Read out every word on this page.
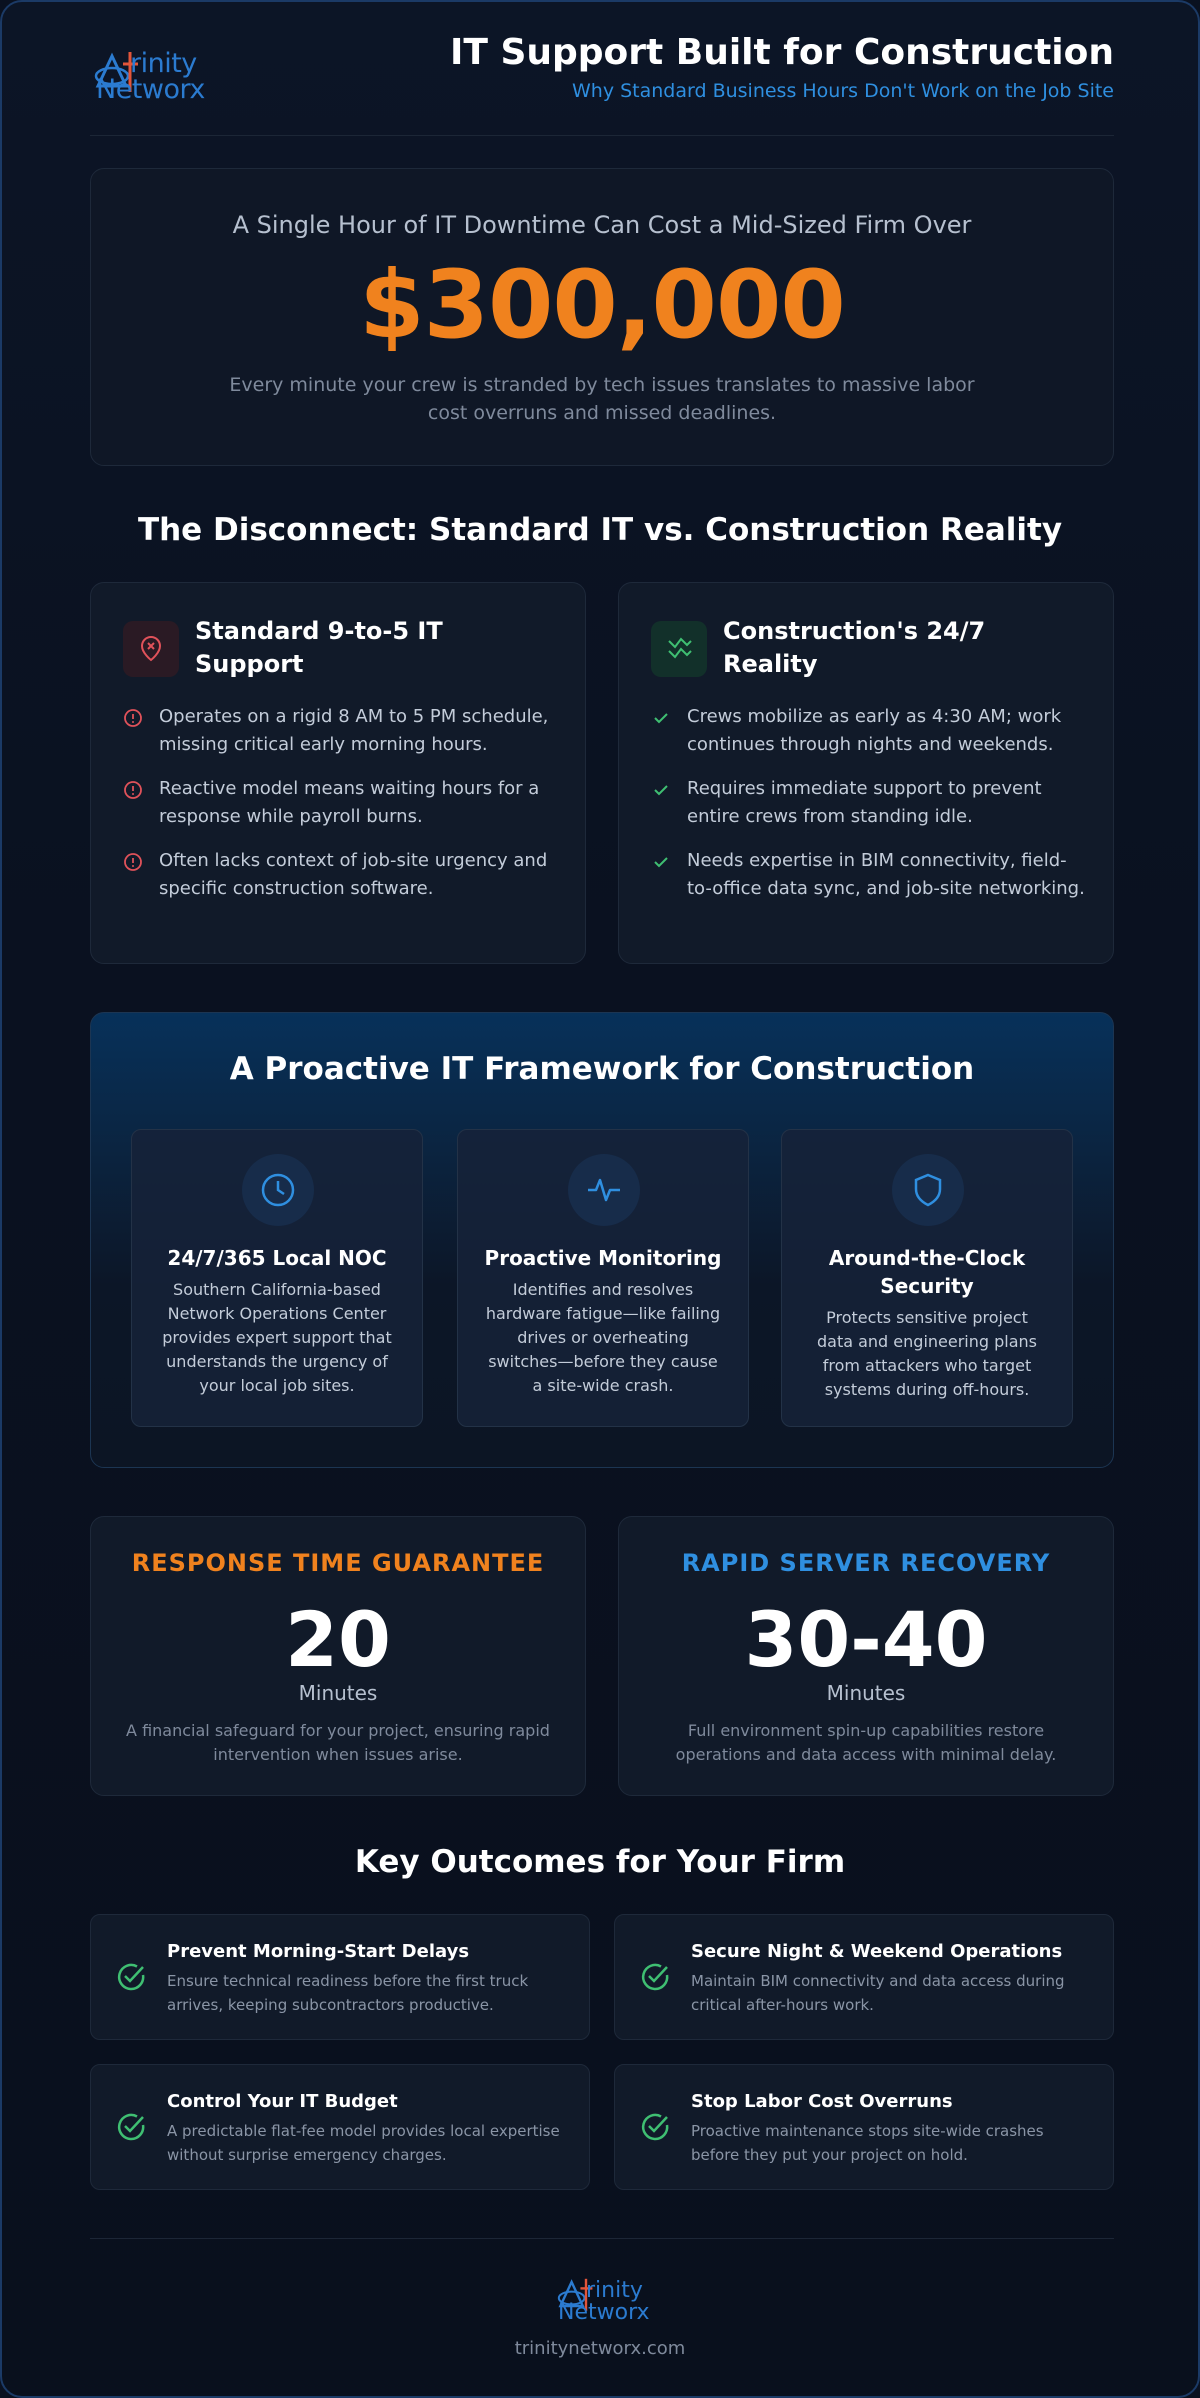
rinity
Networx
IT Support Built for Construction
Why Standard Business Hours Don't Work on the Job Site
A Single Hour of IT Downtime Can Cost a Mid-Sized Firm Over
$300,000
Every minute your crew is stranded by tech issues translates to massive labor cost overruns and missed deadlines.
The Disconnect: Standard IT vs. Construction Reality
Standard 9-to-5 IT Support
Operates on a rigid 8 AM to 5 PM schedule, missing critical early morning hours.
Reactive model means waiting hours for a response while payroll burns.
Often lacks context of job-site urgency and specific construction software.
Construction's 24/7 Reality
Crews mobilize as early as 4:30 AM; work continues through nights and weekends.
Requires immediate support to prevent entire crews from standing idle.
Needs expertise in BIM connectivity, field-to-office data sync, and job-site networking.
A Proactive IT Framework for Construction
24/7/365 Local NOC
Southern California-based Network Operations Center provides expert support that understands the urgency of your local job sites.
Proactive Monitoring
Identifies and resolves hardware fatigue—like failing drives or overheating switches—before they cause a site-wide crash.
Around-the-Clock Security
Protects sensitive project data and engineering plans from attackers who target systems during off-hours.
RESPONSE TIME GUARANTEE
20
Minutes
A financial safeguard for your project, ensuring rapid intervention when issues arise.
RAPID SERVER RECOVERY
30-40
Minutes
Full environment spin-up capabilities restore operations and data access with minimal delay.
Key Outcomes for Your Firm
Prevent Morning-Start Delays
Ensure technical readiness before the first truck arrives, keeping subcontractors productive.
Secure Night & Weekend Operations
Maintain BIM connectivity and data access during critical after-hours work.
Control Your IT Budget
A predictable flat-fee model provides local expertise without surprise emergency charges.
Stop Labor Cost Overruns
Proactive maintenance stops site-wide crashes before they put your project on hold.
rinity
Networx
trinitynetworx.com
